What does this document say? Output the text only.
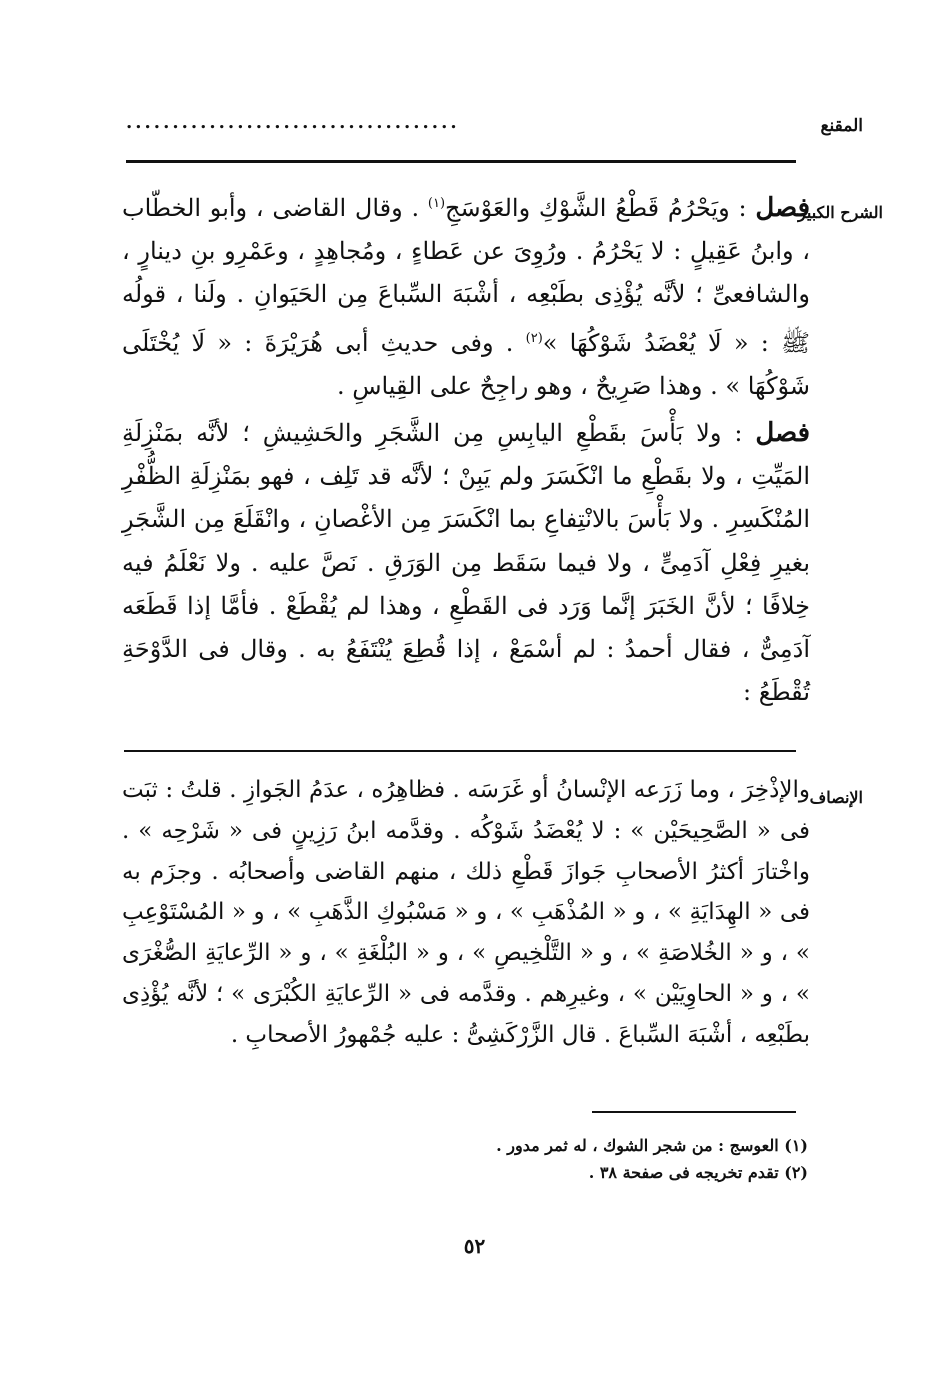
المقنع
....................................
الشرح الكبير

فصل : ويَحْرُمُ قَطْعُ الشَّوْكِ والعَوْسَجِ$^{(١)}$ . وقال القاضى ، وأبو الخطّاب ، وابنُ عَقِيلٍ : لا يَحْرُمُ . ورُوِىَ عن عَطاءٍ ، ومُجاهِدٍ ، وعَمْرِو بنِ دينارٍ ، والشافعىِّ ؛ لأنَّه يُؤْذِى بطَبْعِه ، أشْبَهَ السِّباعَ مِن الحَيَوانِ . ولَنا ، قولُه ﷺ : « لَا يُعْضَدُ شَوْكُهَا »$^{(٢)}$ . وفى حديثِ أبى هُرَيْرَةَ : « لَا يُخْتَلَى شَوْكُهَا » . وهذا صَرِيحٌ ، وهو راجِحٌ على القِياسِ .

فصل : ولا بَأْسَ بقَطْعِ اليابِسِ مِن الشَّجَرِ والحَشِيشِ ؛ لأنَّه بمَنْزِلَةِ المَيِّتِ ، ولا بقَطْعِ ما انْكَسَرَ ولم يَبِنْ ؛ لأنَّه قد تَلِف ، فهو بمَنْزِلَةِ الظُّفْرِ المُنْكَسِرِ . ولا بَأْسَ بالانْتِفاعِ بما انْكَسَرَ مِن الأغْصانِ ، وانْقَلَعَ مِن الشَّجَرِ بغيرِ فِعْلِ آدَمِىٍّ ، ولا فيما سَقَط مِن الوَرَقِ . نَصَّ عليه . ولا نَعْلَمُ فيه خِلافًا ؛ لأنَّ الخَبَرَ إنَّما وَرَد فى القَطْعِ ، وهذا لم يُقْطَعْ . فأمَّا إذا قَطَعَه آدَمِىٌّ ، فقال أحمدُ : لم أسْمَعْ ، إذا قُطِعَ يُنْتَفَعُ به . وقال فى الدَّوْحَةِ تُقْطَعُ :

الإنصاف

والإذْخِرَ ، وما زَرَعه الإنْسانُ أو غَرَسَه . فظاهِرُه ، عدَمُ الجَوازِ . قلتُ : ثبَت فى « الصَّحِيحَيْن » : لا يُعْضَدُ شَوْكُه . وقدَّمه ابنُ رَزِينٍ فى « شَرْحِه » . واخْتارَ أكثرُ الأصحابِ جَوازَ قَطْعِ ذلك ، منهم القاضى وأصحابُه . وجزَم به فى « الهِدَايَةِ » ، و « المُذْهَبِ » ، و « مَسْبُوكِ الذَّهَبِ » ، و « المُسْتَوْعِبِ » ، و « الخُلاصَةِ » ، و « التَّلْخِيصِ » ، و « البُلْغَةِ » ، و « الرِّعايَةِ الصُّغْرَى » ، و « الحاوِيَيْن » ، وغيرِهم . وقدَّمه فى « الرِّعايَةِ الكُبْرَى » ؛ لأنَّه يُؤْذِى بطَبْعِه ، أشْبَهَ السِّباعَ . قال الزَّرْكَشِىُّ : عليه جُمْهورُ الأصحابِ .

(١) العوسج : من شجر الشوك ، له ثمر مدور .
(٢) تقدم تخريجه فى صفحة ٣٨ .
٥٢
